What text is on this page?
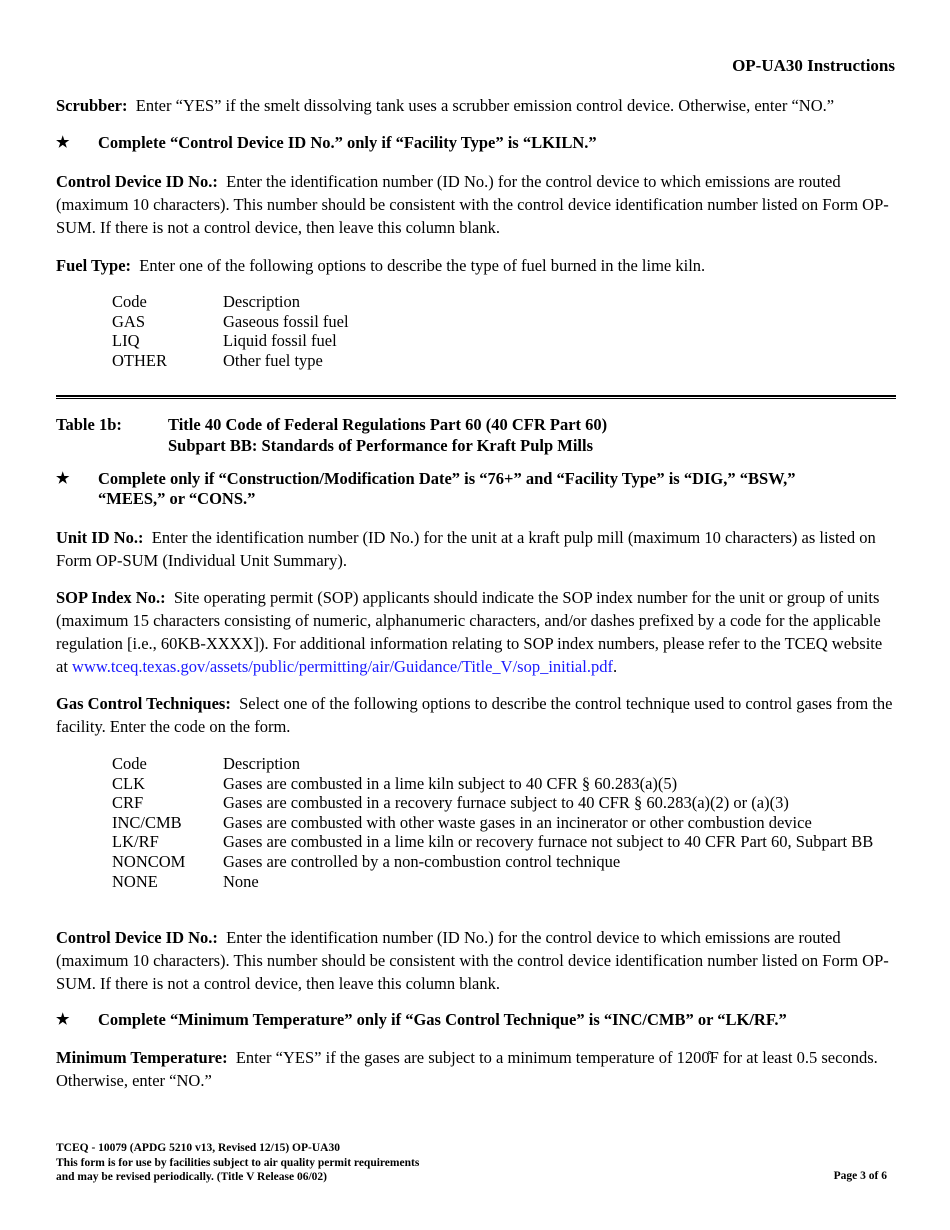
OP-UA30 Instructions

Scrubber: Enter “YES” if the smelt dissolving tank uses a scrubber emission control device. Otherwise, enter “NO.”

★ Complete “Control Device ID No.” only if “Facility Type” is “LKILN.”

Control Device ID No.: Enter the identification number (ID No.) for the control device to which emissions are routed (maximum 10 characters). This number should be consistent with the control device identification number listed on Form OP-SUM. If there is not a control device, then leave this column blank.

Fuel Type: Enter one of the following options to describe the type of fuel burned in the lime kiln.

Code	Description
GAS	Gaseous fossil fuel
LIQ	Liquid fossil fuel
OTHER	Other fuel type
Table 1b:	Title 40 Code of Federal Regulations Part 60 (40 CFR Part 60)
Subpart BB: Standards of Performance for Kraft Pulp Mills
★ Complete only if “Construction/Modification Date” is “76+” and “Facility Type” is “DIG,” “BSW,”
“MEES,” or “CONS.”

Unit ID No.: Enter the identification number (ID No.) for the unit at a kraft pulp mill (maximum 10 characters) as listed on Form OP-SUM (Individual Unit Summary).

SOP Index No.: Site operating permit (SOP) applicants should indicate the SOP index number for the unit or group of units (maximum 15 characters consisting of numeric, alphanumeric characters, and/or dashes prefixed by a code for the applicable regulation [i.e., 60KB-XXXX]). For additional information relating to SOP index numbers, please refer to the TCEQ website at www.tceq.texas.gov/assets/public/permitting/air/Guidance/Title_V/sop_initial.pdf.

Gas Control Techniques: Select one of the following options to describe the control technique used to control gases from the facility. Enter the code on the form.

Code	Description
CLK	Gases are combusted in a lime kiln subject to 40 CFR § 60.283(a)(5)
CRF	Gases are combusted in a recovery furnace subject to 40 CFR § 60.283(a)(2) or (a)(3)
INC/CMB	Gases are combusted with other waste gases in an incinerator or other combustion device
LK/RF	Gases are combusted in a lime kiln or recovery furnace not subject to 40 CFR Part 60, Subpart BB
NONCOM	Gases are controlled by a non-combustion control technique
NONE	None

Control Device ID No.: Enter the identification number (ID No.) for the control device to which emissions are routed (maximum 10 characters). This number should be consistent with the control device identification number listed on Form OP-SUM. If there is not a control device, then leave this column blank.

★ Complete “Minimum Temperature” only if “Gas Control Technique” is “INC/CMB” or “LK/RF.”

Minimum Temperature: Enter “YES” if the gases are subject to a minimum temperature of 1200̊F for at least 0.5 seconds. Otherwise, enter “NO.”

TCEQ - 10079 (APDG 5210 v13, Revised 12/15) OP-UA30
This form is for use by facilities subject to air quality permit requirements
and may be revised periodically. (Title V Release 06/02)	Page 3 of 6
